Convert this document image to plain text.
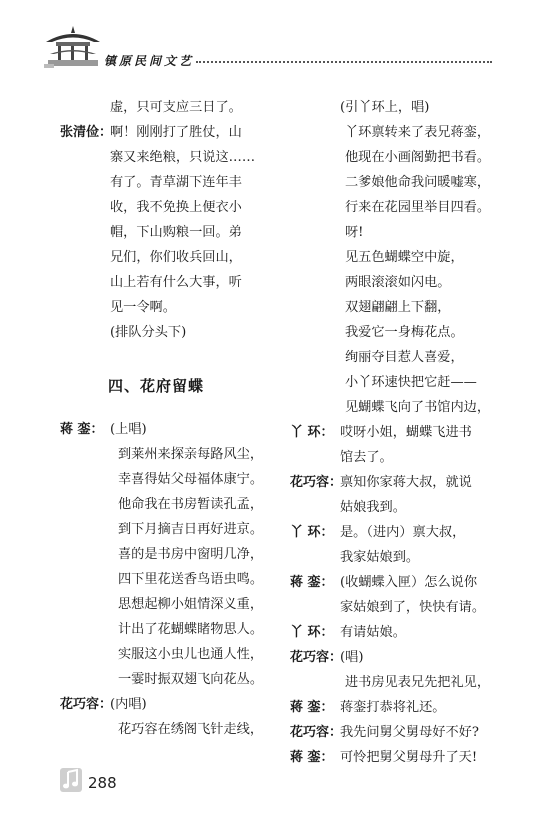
镇原民间文艺
虚，只可支应三日了。
张清俭：
啊！刚刚打了胜仗，山
寨又来绝粮，只说这……
有了。青草湖下连年丰
收，我不免换上便衣小
帽，下山购粮一回。弟
兄们，你们收兵回山，
山上若有什么大事，听
见一令啊。
(排队分头下)
四、花府留蝶
蒋 銮： (上唱)
到莱州来探亲每路风尘，
幸喜得姑父母福体康宁。
他命我在书房暂读孔孟，
到下月摘吉日再好进京。
喜的是书房中窗明几净，
四下里花送香鸟语虫鸣。
思想起柳小姐情深义重，
计出了花蝴蝶睹物思人。
实服这小虫儿也通人性，
一霎时振双翅飞向花丛。
花巧容：
(内唱)
花巧容在绣阁飞针走线，
(引丫环上，唱)
丫环禀转来了表兄蒋銮，
他现在小画阁勤把书看。
二爹娘他命我问暖嘘寒，
行来在花园里举目四看。
呀!
见五色蝴蝶空中旋，
两眼滚滚如闪电。
双翅翩翩上下翻，
我爱它一身梅花点。
绚丽夺目惹人喜爱，
小丫环速快把它赶——
见蝴蝶飞向了书馆内边，
丫 环： 哎呀小姐，蝴蝶飞进书
馆去了。
花巧容：
禀知你家蒋大叔，就说
姑娘我到。
丫 环： 是。（进内）禀大叔，
我家姑娘到。
蒋 銮： (收蝴蝶入匣）怎么说你
家姑娘到了，快快有请。
丫 环： 有请姑娘。
花巧容：
(唱)
进书房见表兄先把礼见，
蒋 銮： 蒋銮打恭将礼还。
花巧容：
我先问舅父舅母好不好?
蒋 銮： 可怜把舅父舅母升了天!
288
